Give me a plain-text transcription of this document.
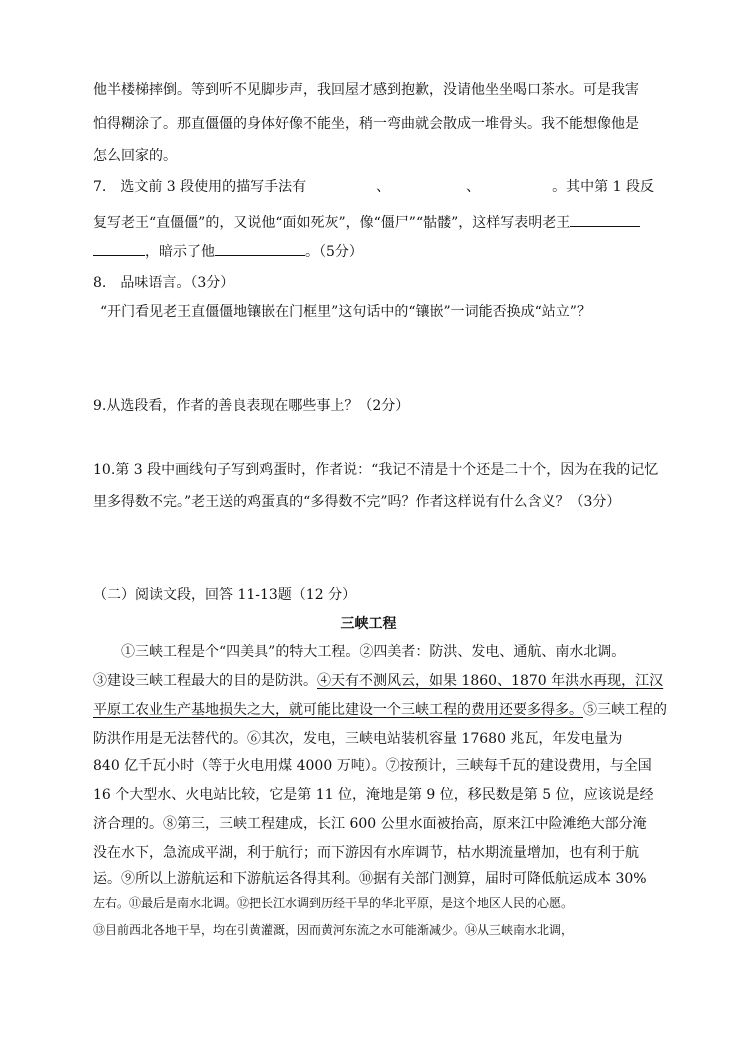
他半楼梯摔倒。等到听不见脚步声，我回屋才感到抱歉，没请他坐坐喝口茶水。可是我害
怕得糊涂了。那直僵僵的身体好像不能坐，稍一弯曲就会散成一堆骨头。我不能想像他是
怎么回家的。
7.　选文前 3 段使用的描写手法有	、	、	。其中第 1 段反
复写老王“直僵僵”的，又说他“面如死灰”，像“僵尸”“骷髅”，这样写表明老王
，暗示了他	。（5分）
8.　品味语言。（3分）
“开门看见老王直僵僵地镶嵌在门框里”这句话中的“镶嵌”一词能否换成“站立”？
9.从选段看，作者的善良表现在哪些事上？（2分）
10.第 3 段中画线句子写到鸡蛋时，作者说：“我记不清是十个还是二十个，因为在我的记忆
里多得数不完。”老王送的鸡蛋真的“多得数不完”吗？作者这样说有什么含义？（3分）
（二）阅读文段，回答 11-13题（12 分）
三峡工程
①三峡工程是个“四美具”的特大工程。②四美者：防洪、发电、通航、南水北调。
③建设三峡工程最大的目的是防洪。④天有不测风云，如果 1860、1870 年洪水再现，江汉
平原工农业生产基地损失之大，就可能比建设一个三峡工程的费用还要多得多。⑤三峡工程的
防洪作用是无法替代的。⑥其次，发电，三峡电站装机容量 17680 兆瓦，年发电量为
840 亿千瓦小时（等于火电用煤 4000 万吨）。⑦按预计，三峡每千瓦的建设费用，与全国
16 个大型水、火电站比较，它是第 11 位，淹地是第 9 位，移民数是第 5 位，应该说是经
济合理的。⑧第三，三峡工程建成，长江 600 公里水面被抬高，原来江中险滩绝大部分淹
没在水下，急流成平湖，利于航行；而下游因有水库调节，枯水期流量增加，也有利于航
运。⑨所以上游航运和下游航运各得其利。⑩据有关部门测算，届时可降低航运成本 30%
左右。⑪最后是南水北调。⑫把长江水调到历经干旱的华北平原，是这个地区人民的心愿。
⑬目前西北各地干旱，均在引黄灌溉，因而黄河东流之水可能渐减少。⑭从三峡南水北调，
